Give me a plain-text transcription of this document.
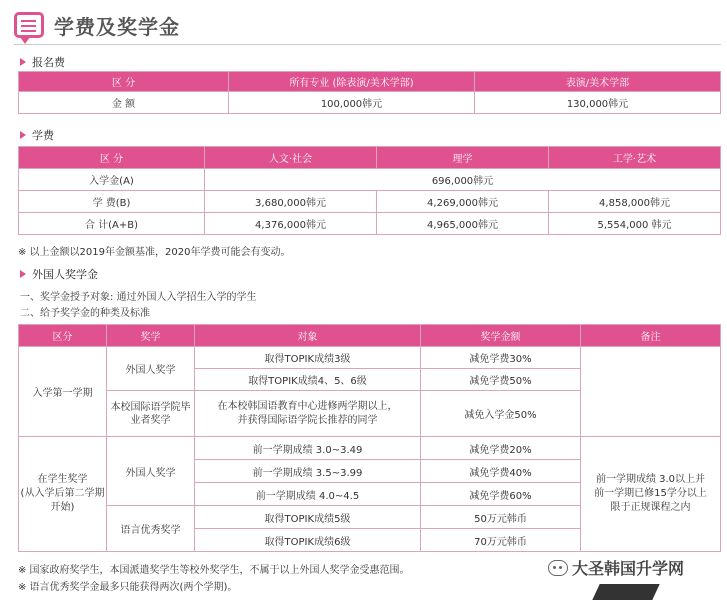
学费及奖学金
报名费
区 分	所有专业 (除表演/美术学部)	表演/美术学部
金 额	100,000韩元	130,000韩元
学费
区 分	人文·社会	理学	工学·艺术
入学金(A)	696,000韩元		
学 费(B)	3,680,000韩元	4,269,000韩元	4,858,000韩元
合 计(A+B)	4,376,000韩元	4,965,000韩元	5,554,000 韩元
※ 以上金额以2019年金额基准，2020年学费可能会有变动。
外国人奖学金
一、奖学金授予对象: 通过外国人入学招生入学的学生
二、给予奖学金的种类及标准
区分	奖学	对象	奖学金额	备注
入学第一学期	外国人奖学	取得TOPIK成绩3级	减免学费30%	
		取得TOPIK成绩4、5、6级	减免学费50%	
	本校国际语学院毕业者奖学	在本校韩国语教育中心进修两学期以上，
并获得国际语学院长推荐的同学	减免入学金50%	
在学生奖学
(从入学后第二学期开始)	外国人奖学	前一学期成绩 3.0~3.49	减免学费20%	前一学期成绩 3.0以上并
前一学期已修15学分以上
限于正规课程之内
		前一学期成绩 3.5~3.99	减免学费40%	
		前一学期成绩 4.0~4.5	减免学费60%	
	语言优秀奖学	取得TOPIK成绩5级	50万元韩币	
		取得TOPIK成绩6级	70万元韩币	
※ 国家政府奖学生，本国派遣奖学生等校外奖学生，不属于以上外国人奖学金受惠范围。
※ 语言优秀奖学金最多只能获得两次(两个学期)。
大圣韩国升学网
